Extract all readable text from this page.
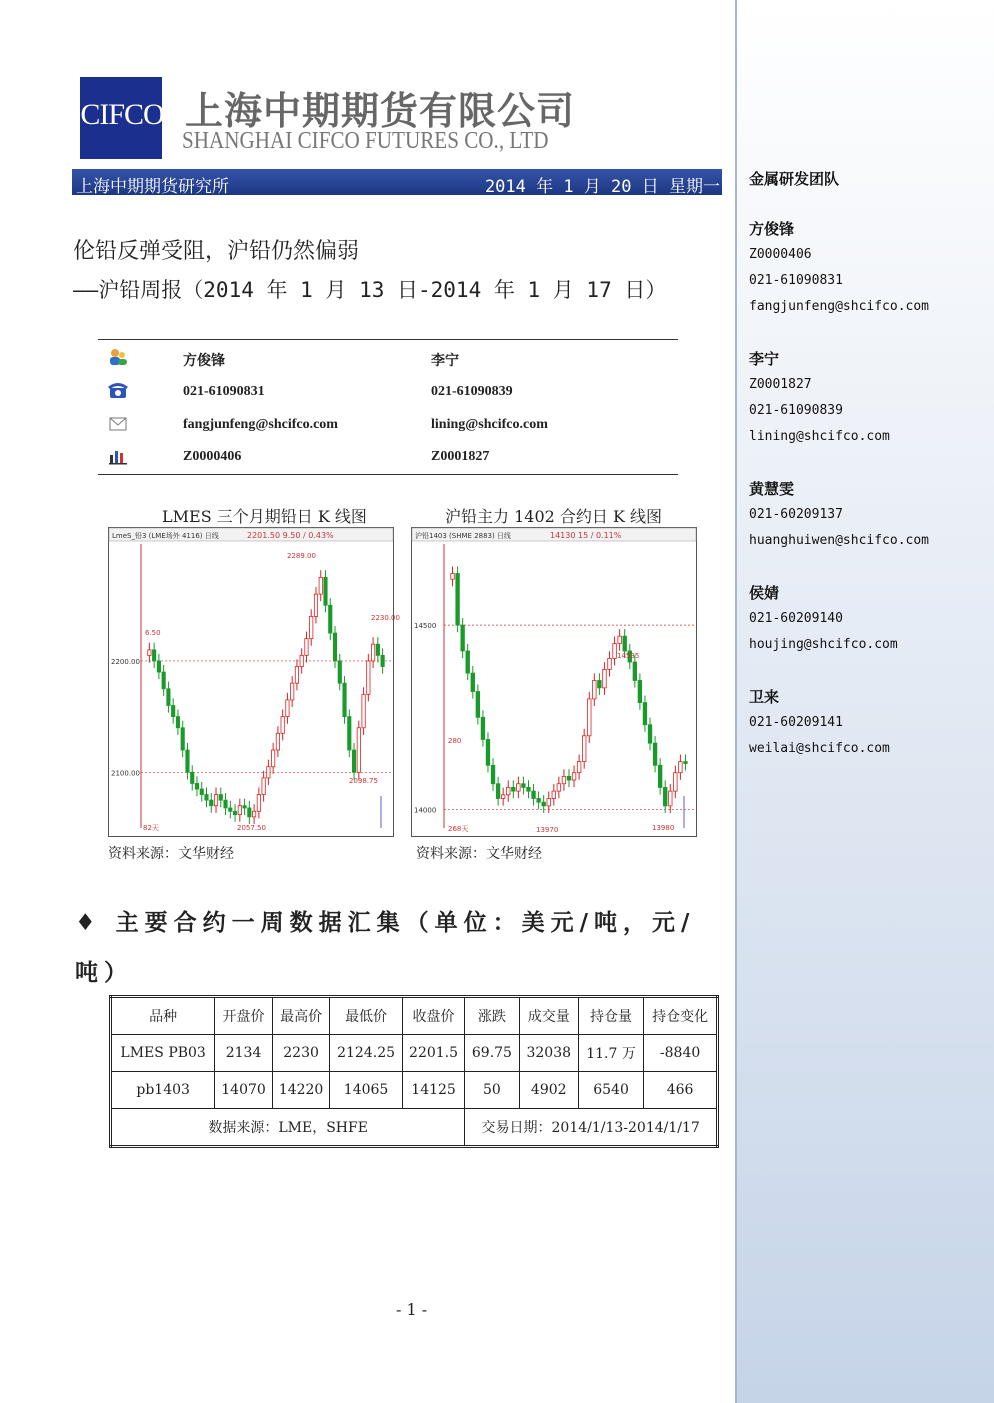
金属研发团队
方俊锋
Z0000406
021-61090831
fangjunfeng@shcifco.com
李宁
Z0001827
021-61090839
lining@shcifco.com
黄慧雯
021-60209137
huanghuiwen@shcifco.com
侯婧
021-60209140
houjing@shcifco.com
卫来
021-60209141
weilai@shcifco.com
CIFCO 上海中期期货有限公司
SHANGHAI CIFCO FUTURES CO., LTD
上海中期期货研究所	2014 年 1 月 20 日 星期一
伦铅反弹受阻，沪铅仍然偏弱
——沪铅周报（2014 年 1 月 13 日-2014 年 1 月 17 日）
方俊锋	李宁
021-61090831	021-61090839
fangjunfeng@shcifco.com	lining@shcifco.com
Z0000406	Z0001827
LMES 三个月期铅日 K 线图	沪铅主力 1402 合约日 K 线图
LmeS_铅3 (LME场外 4116) 日线	2201.50 9.50 / 0.43%
2200.00
2100.00
2289.00
2230.00
2098.75
2057.50
6.50
82天
沪铅1403 (SHME 2883) 日线	14130 15 / 0.11%
14500
14000
14535
13970	13980
280
268天
资料来源：文华财经	资料来源：文华财经
♦ 主要合约一周数据汇集（单位：美元/吨，元/吨）
品种	开盘价	最高价	最低价	收盘价	涨跌	成交量	持仓量	持仓变化
LMES PB03	2134	2230	2124.25	2201.5	69.75	32038	11.7 万	-8840
pb1403	14070	14220	14065	14125	50	4902	6540	466
数据来源：LME，SHFE					交易日期：2014/1/13-2014/1/17			
- 1 -
